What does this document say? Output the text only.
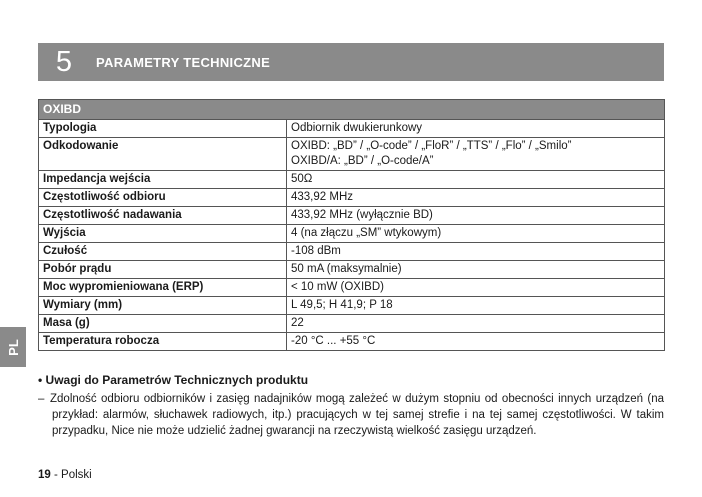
5	PARAMETRY TECHNICZNE
PL
OXIBD
Typologia	Odbiornik dwukierunkowy
Odkodowanie	OXIBD: „BD” / „O-code” / „FloR” / „TTS” / „Flo” / „Smilo”
OXIBD/A: „BD” / „O-code/A”
Impedancja wejścia	50Ω
Częstotliwość odbioru	433,92 MHz
Częstotliwość nadawania	433,92 MHz (wyłącznie BD)
Wyjścia	4 (na złączu „SM” wtykowym)
Czułość	-108 dBm
Pobór prądu	50 mA (maksymalnie)
Moc wypromieniowana (ERP)	< 10 mW (OXIBD)
Wymiary (mm)	L 49,5; H 41,9; P 18
Masa (g)	22
Temperatura robocza	-20 °C ... +55 °C
• Uwagi do Parametrów Technicznych produktu
– Zdolność odbioru odbiorników i zasięg nadajników mogą zależeć w dużym stopniu od obecności innych urządzeń (na przykład: alarmów, słuchawek radiowych, itp.) pracujących w tej samej strefie i na tej samej częstotliwości. W takim przypadku, Nice nie może udzielić żadnej gwarancji na rzeczywistą wielkość zasięgu urządzeń.
19 - Polski
